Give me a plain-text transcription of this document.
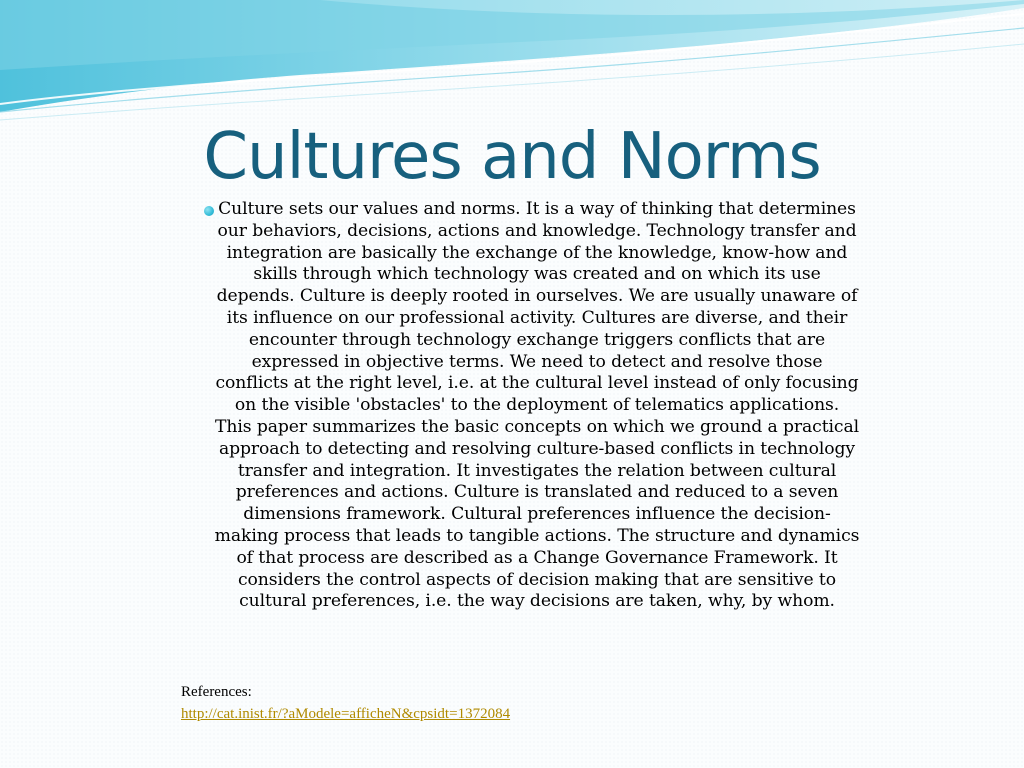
Cultures and Norms

Culture sets our values and norms. It is a way of thinking that determines our behaviors, decisions, actions and knowledge. Technology transfer and integration are basically the exchange of the knowledge, know-how and skills through which technology was created and on which its use depends. Culture is deeply rooted in ourselves. We are usually unaware of its influence on our professional activity. Cultures are diverse, and their encounter through technology exchange triggers conflicts that are expressed in objective terms. We need to detect and resolve those conflicts at the right level, i.e. at the cultural level instead of only focusing on the visible 'obstacles' to the deployment of telematics applications. This paper summarizes the basic concepts on which we ground a practical approach to detecting and resolving culture-based conflicts in technology transfer and integration. It investigates the relation between cultural preferences and actions. Culture is translated and reduced to a seven dimensions framework. Cultural preferences influence the decision-making process that leads to tangible actions. The structure and dynamics of that process are described as a Change Governance Framework. It considers the control aspects of decision making that are sensitive to cultural preferences, i.e. the way decisions are taken, why, by whom.

References:
http://cat.inist.fr/?aModele=afficheN&cpsidt=1372084
